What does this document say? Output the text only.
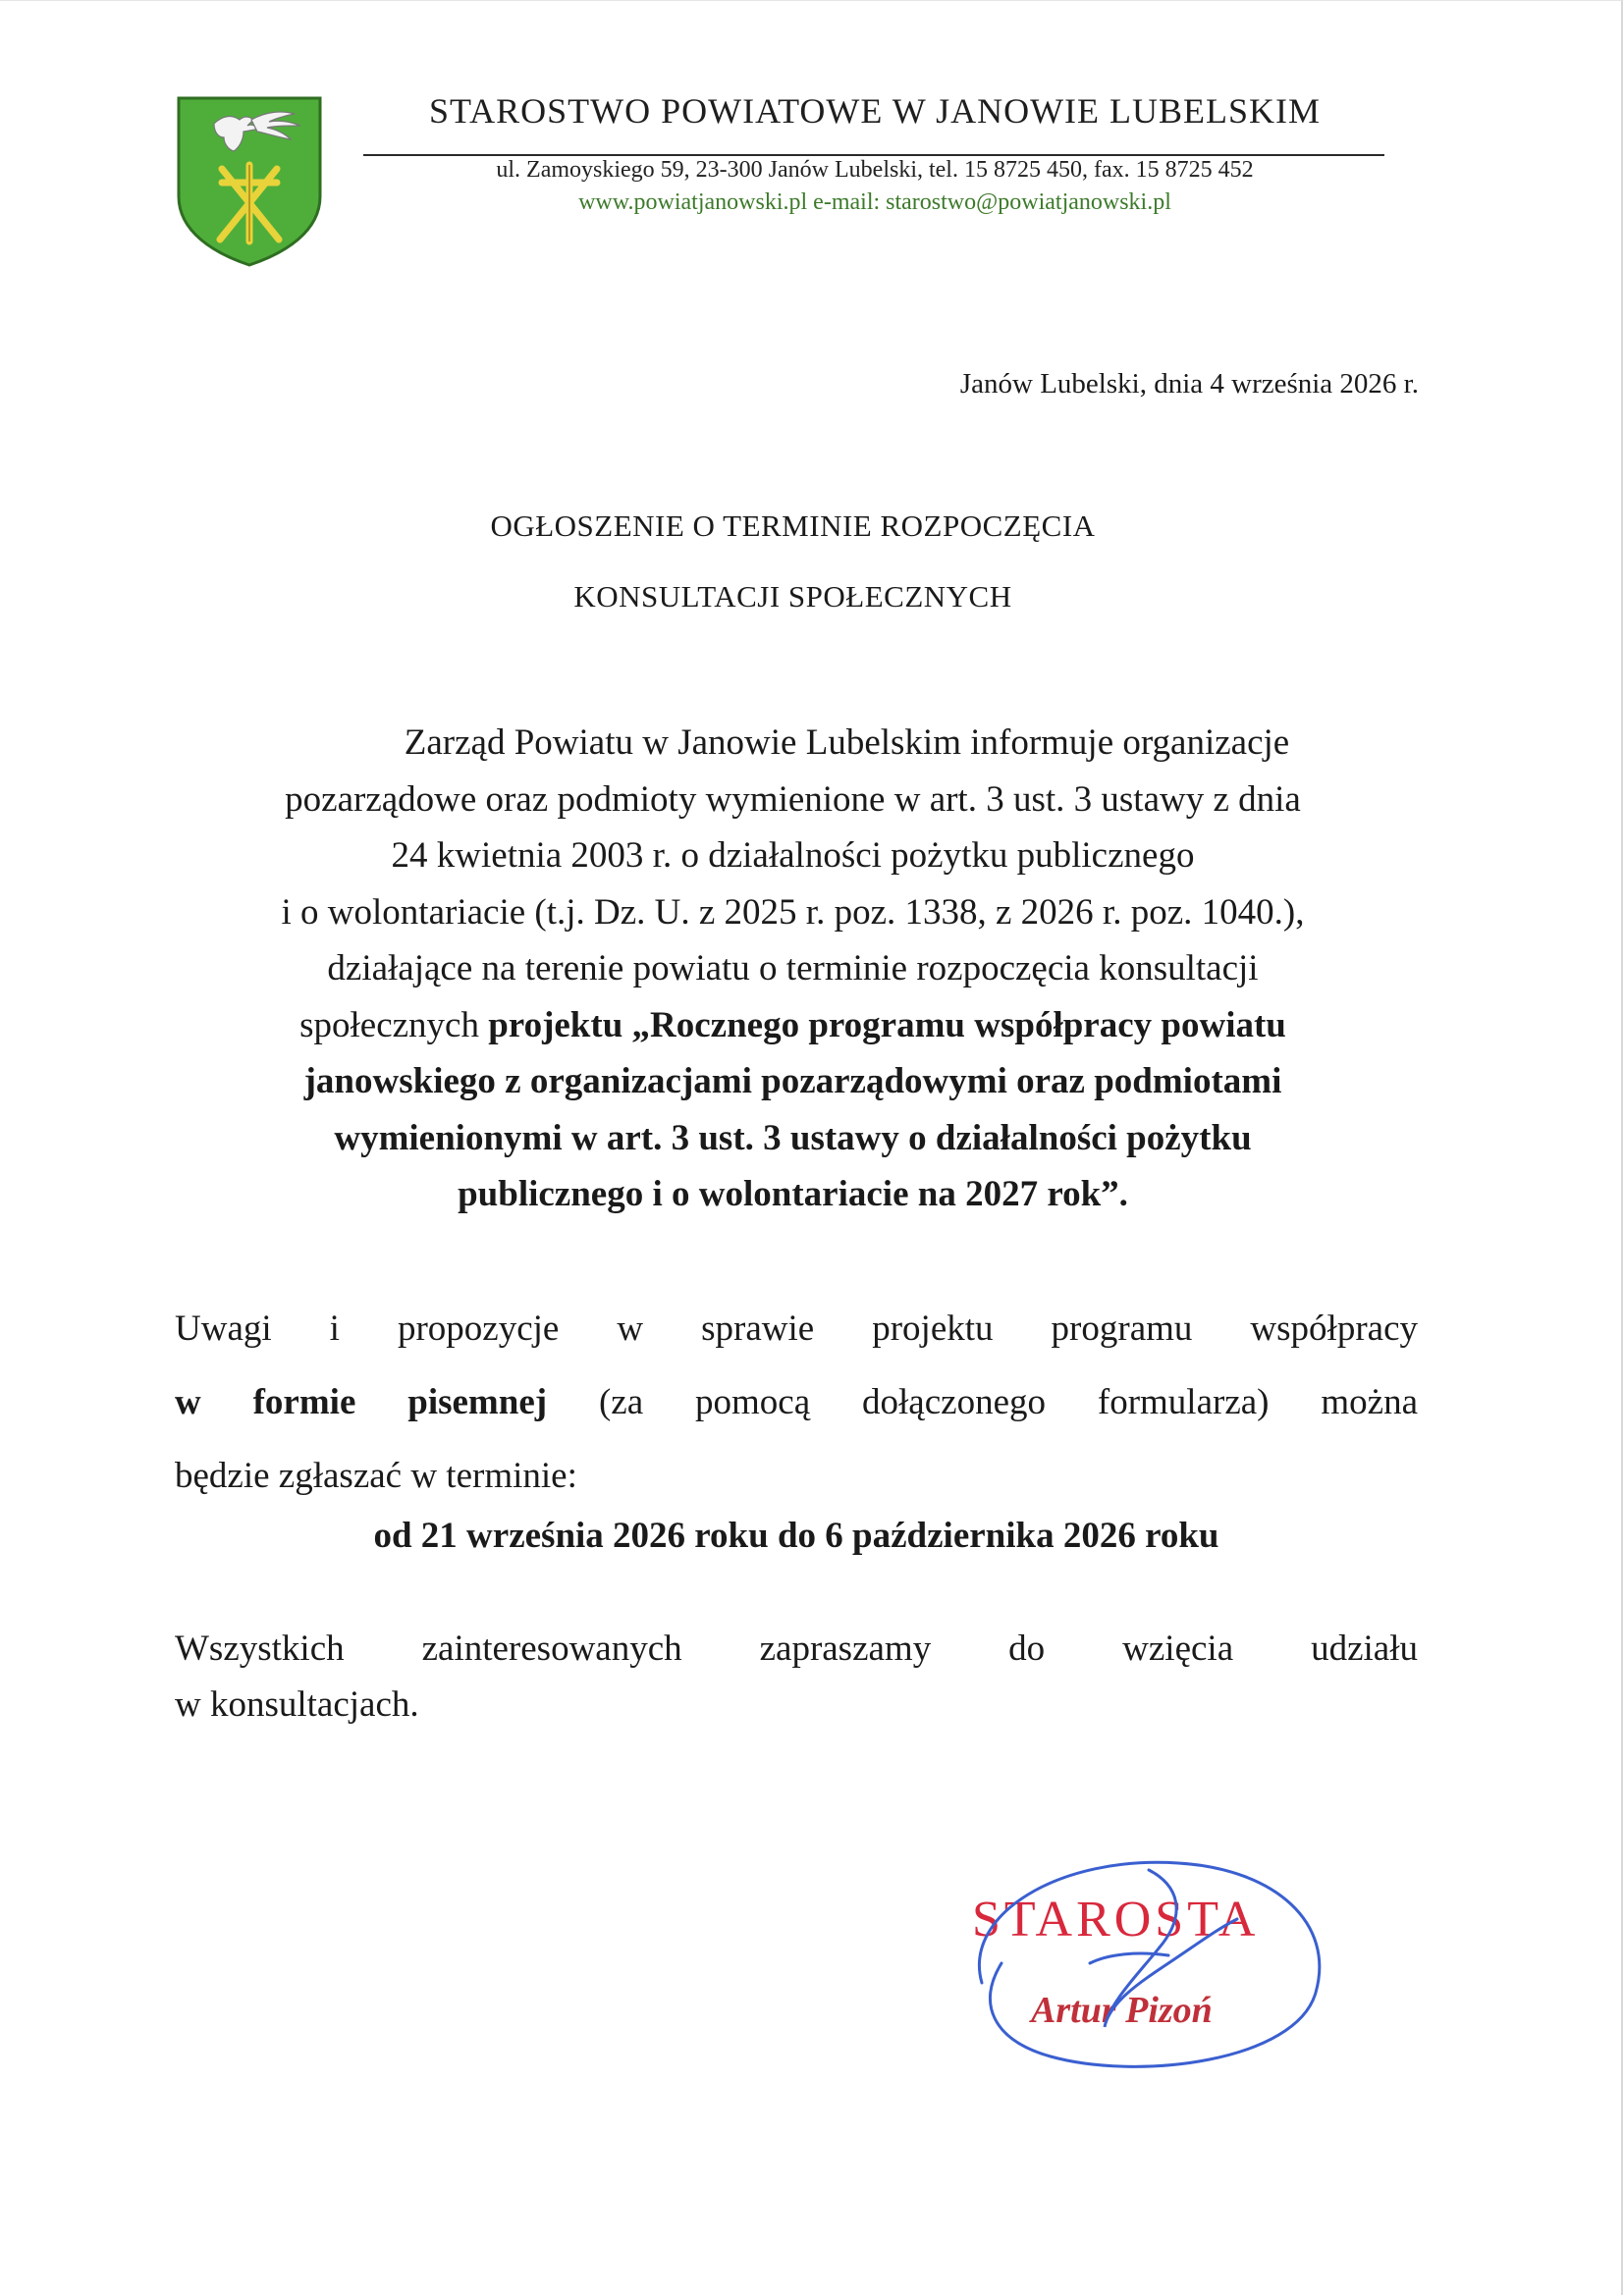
STAROSTWO POWIATOWE W JANOWIE LUBELSKIM
ul. Zamoyskiego 59, 23-300 Janów Lubelski, tel. 15 8725 450, fax. 15 8725 452
www.powiatjanowski.pl e-mail: starostwo@powiatjanowski.pl
Janów Lubelski, dnia 4 września 2026 r.
OGŁOSZENIE O TERMINIE ROZPOCZĘCIA
KONSULTACJI SPOŁECZNYCH
Zarząd Powiatu w Janowie Lubelskim informuje organizacje
pozarządowe oraz podmioty wymienione w art. 3 ust. 3 ustawy z dnia
24 kwietnia 2003 r. o działalności pożytku publicznego
i o wolontariacie (t.j. Dz. U. z 2025 r. poz. 1338, z 2026 r. poz. 1040.),
działające na terenie powiatu o terminie rozpoczęcia konsultacji
społecznych projektu „Rocznego programu współpracy powiatu
janowskiego z organizacjami pozarządowymi oraz podmiotami
wymienionymi w art. 3 ust. 3 ustawy o działalności pożytku
publicznego i o wolontariacie na 2027 rok”.
Uwagi i propozycje w sprawie projektu programu współpracy
w formie pisemnej (za pomocą dołączonego formularza) można
będzie zgłaszać w terminie:
od 21 września 2026 roku do 6 października 2026 roku
Wszystkich zainteresowanych zapraszamy do wzięcia udziału
w konsultacjach.
STAROSTA
Artur Pizoń
